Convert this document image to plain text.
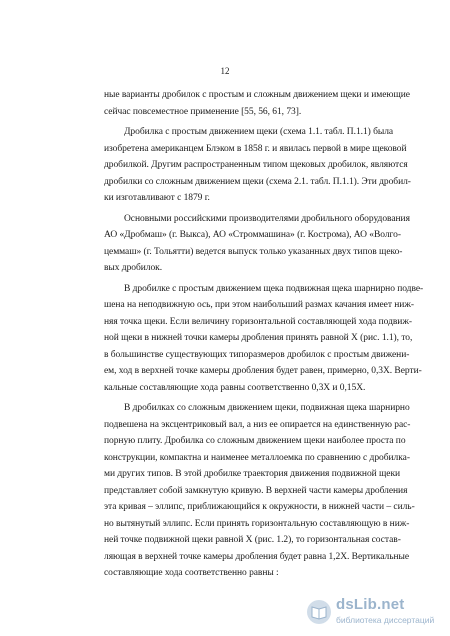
12
ные варианты дробилок с простым и сложным движением щеки и имеющие
сейчас повсеместное применение [55, 56, 61, 73].
Дробилка с простым движением щеки (схема 1.1. табл. П.1.1) была
изобретена американцем Блэком в 1858 г. и явилась первой в мире щековой
дробилкой. Другим распространенным типом щековых дробилок, являются
дробилки со сложным движением щеки (схема 2.1. табл. П.1.1). Эти дробил-
ки изготавливают с 1879 г.
Основными российскими производителями дробильного оборудования
АО «Дробмаш» (г. Выкса), АО «Строммашина» (г. Кострома), АО «Волго-
цеммаш» (г. Тольятти) ведется выпуск только указанных двух типов щеко-
вых дробилок.
В дробилке с простым движением щека подвижная щека шарнирно подве-
шена на неподвижную ось, при этом наибольший размах качания имеет ниж-
няя точка щеки. Если величину горизонтальной составляющей хода подвиж-
ной щеки в нижней точки камеры дробления принять равной X (рис. 1.1), то,
в большинстве существующих типоразмеров дробилок с простым движени-
ем, ход в верхней точке камеры дробления будет равен, примерно, 0,3X. Верти-
кальные составляющие хода равны соответственно 0,3X и 0,15X.
В дробилках со сложным движением щеки, подвижная щека шарнирно
подвешена на эксцентриковый вал, а низ ее опирается на единственную рас-
порную плиту. Дробилка со сложным движением щеки наиболее проста по
конструкции, компактна и наименее металлоемка по сравнению с дробилка-
ми других типов. В этой дробилке траектория движения подвижной щеки
представляет собой замкнутую кривую. В верхней части камеры дробления
эта кривая – эллипс, приближающийся к окружности, в нижней части – силь-
но вытянутый эллипс. Если принять горизонтальную составляющую в ниж-
ней точке подвижной щеки равной X (рис. 1.2), то горизонтальная состав-
ляющая в верхней точке камеры дробления будет равна 1,2X. Вертикальные
составляющие хода соответственно равны :
dsLib.net
библиотека диссертаций
